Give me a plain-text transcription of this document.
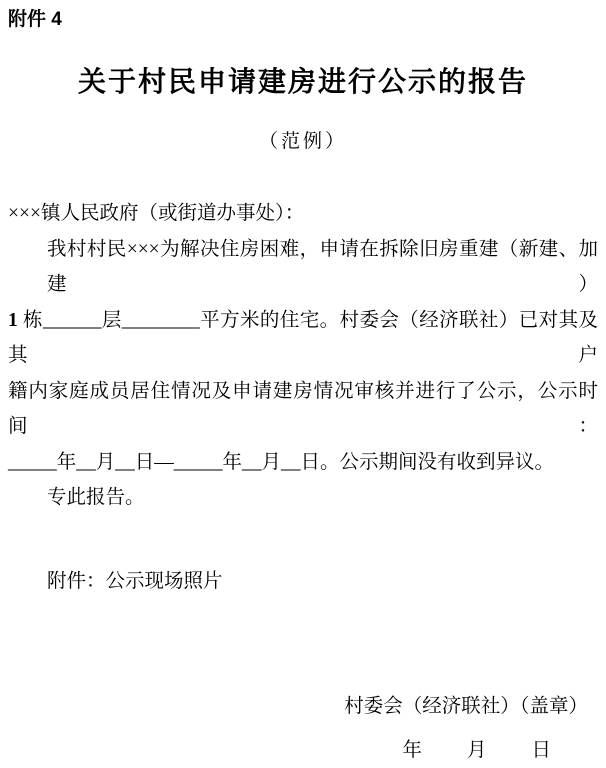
附件 4
关于村民申请建房进行公示的报告
（范例）
×××镇人民政府（或街道办事处）：
我村村民×××为解决住房困难，申请在拆除旧房重建（新建、加建）
1 栋______层________平方米的住宅。村委会（经济联社）已对其及其户
籍内家庭成员居住情况及申请建房情况审核并进行了公示，公示时间：
_____年__月__日—_____年__月__日。公示期间没有收到异议。
专此报告。
附件：公示现场照片
村委会（经济联社）（盖章）
年 月 日
